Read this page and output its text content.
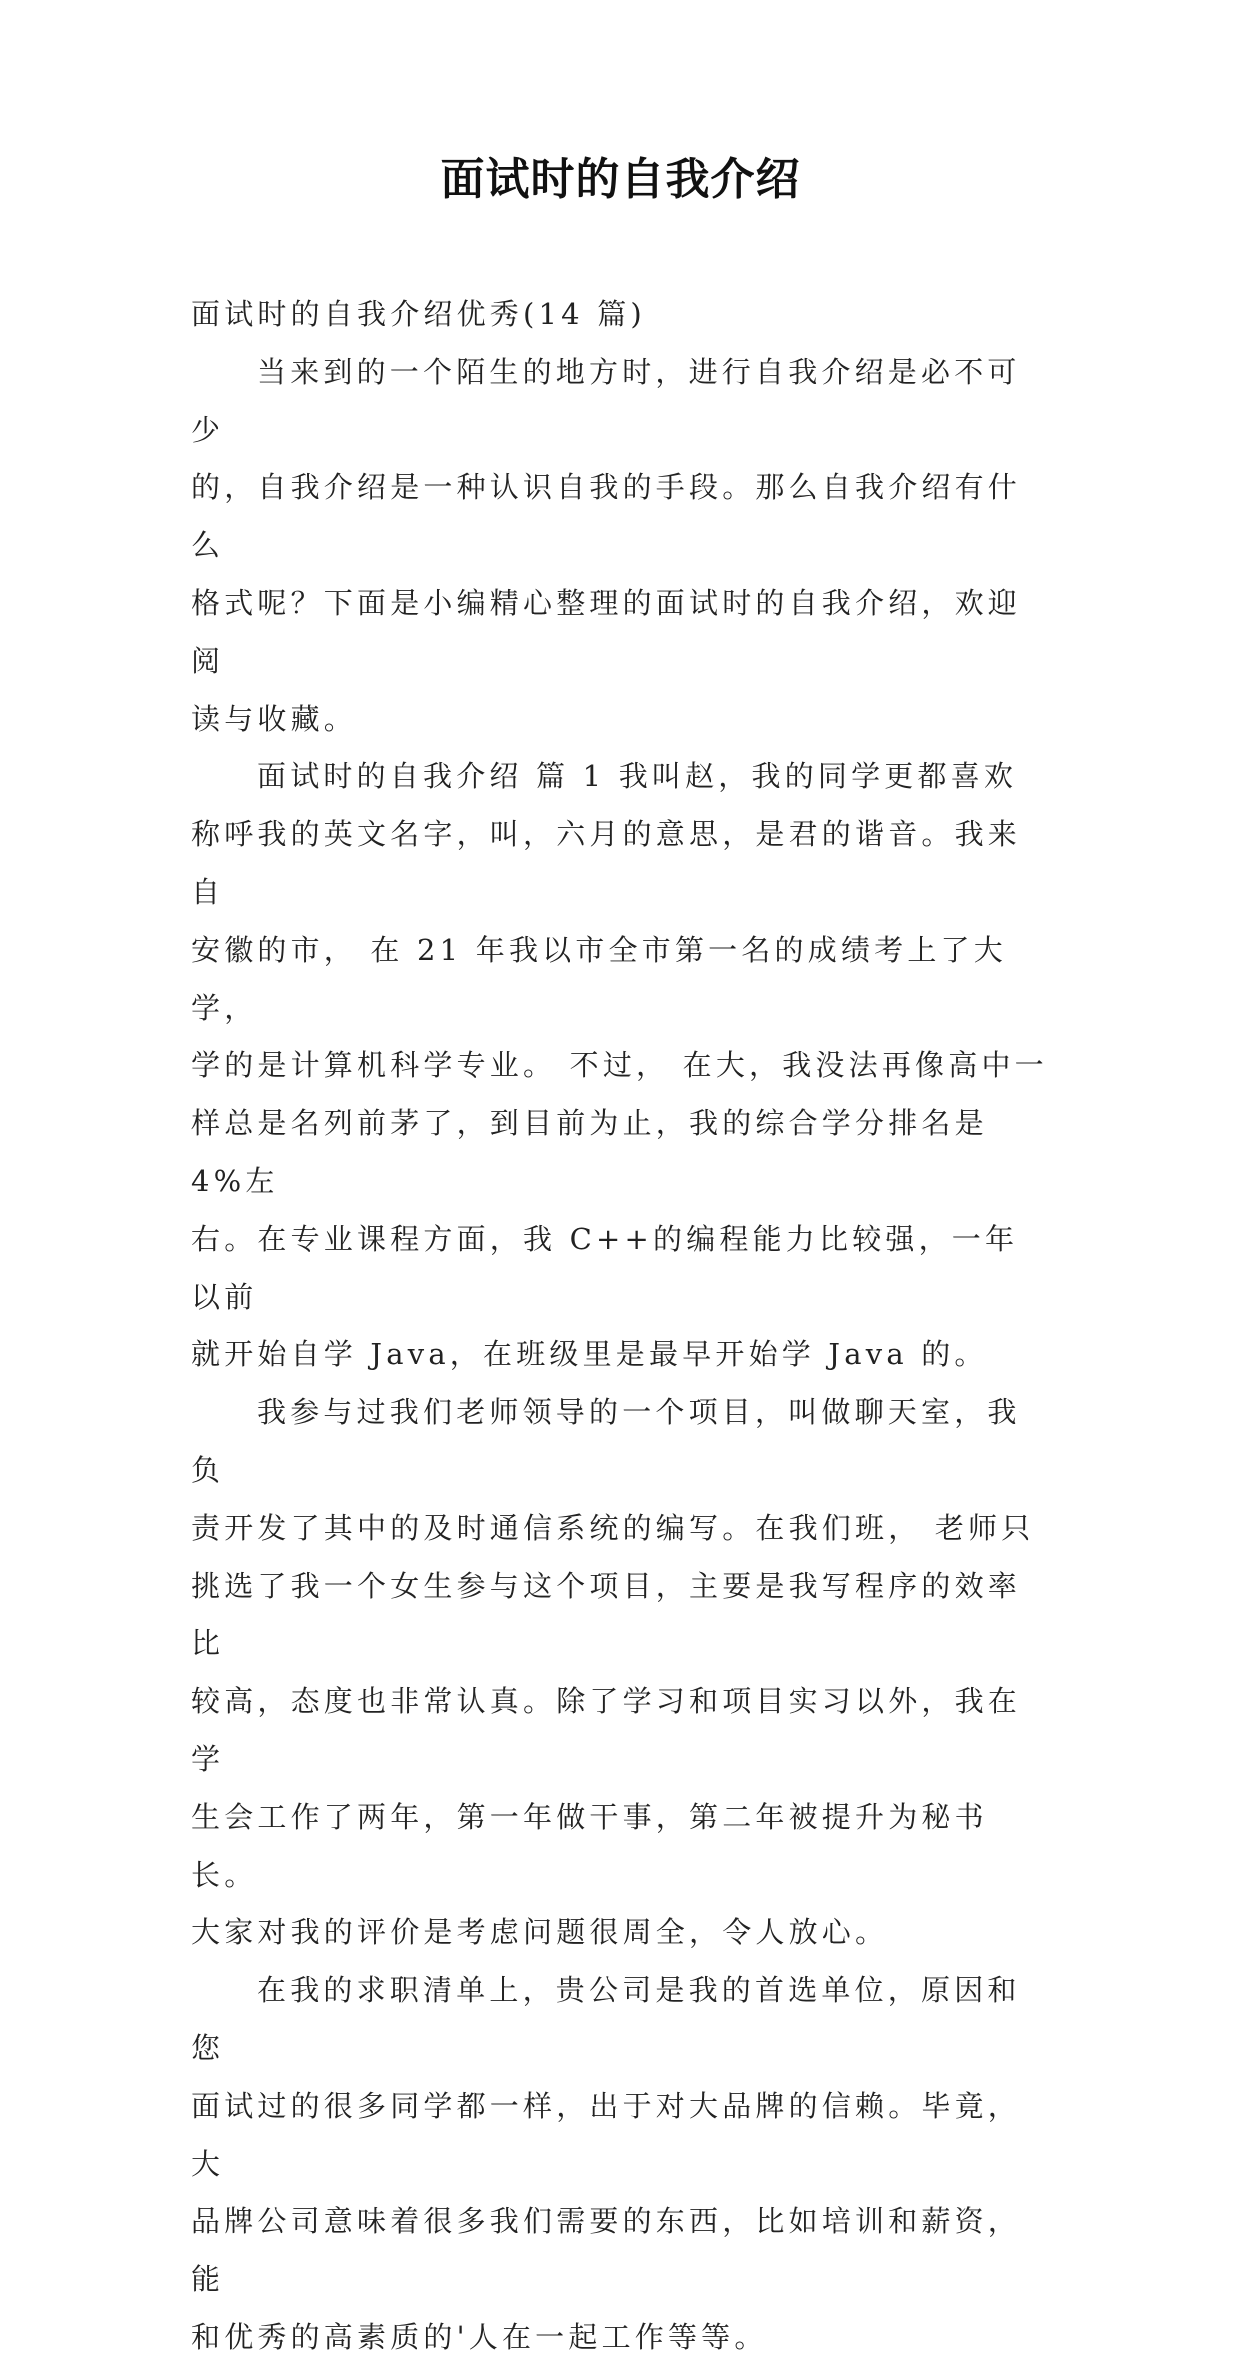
面试时的自我介绍

面试时的自我介绍优秀(14 篇)

当来到的一个陌生的地方时，进行自我介绍是必不可少
的，自我介绍是一种认识自我的手段。那么自我介绍有什么
格式呢？下面是小编精心整理的面试时的自我介绍，欢迎阅
读与收藏。

面试时的自我介绍 篇 1 我叫赵，我的同学更都喜欢
称呼我的英文名字，叫，六月的意思，是君的谐音。我来自
安徽的市， 在 21 年我以市全市第一名的成绩考上了大学，
学的是计算机科学专业。 不过， 在大，我没法再像高中一
样总是名列前茅了，到目前为止，我的综合学分排名是 4%左
右。在专业课程方面，我 C++的编程能力比较强，一年以前
就开始自学 Java，在班级里是最早开始学 Java 的。

我参与过我们老师领导的一个项目，叫做聊天室，我负
责开发了其中的及时通信系统的编写。在我们班， 老师只
挑选了我一个女生参与这个项目，主要是我写程序的效率比
较高，态度也非常认真。除了学习和项目实习以外，我在学
生会工作了两年，第一年做干事，第二年被提升为秘书长。
大家对我的评价是考虑问题很周全，令人放心。

在我的求职清单上，贵公司是我的首选单位，原因和您
面试过的很多同学都一样，出于对大品牌的信赖。毕竟，大
品牌公司意味着很多我们需要的东西，比如培训和薪资，能
和优秀的高素质的'人在一起工作等等。
